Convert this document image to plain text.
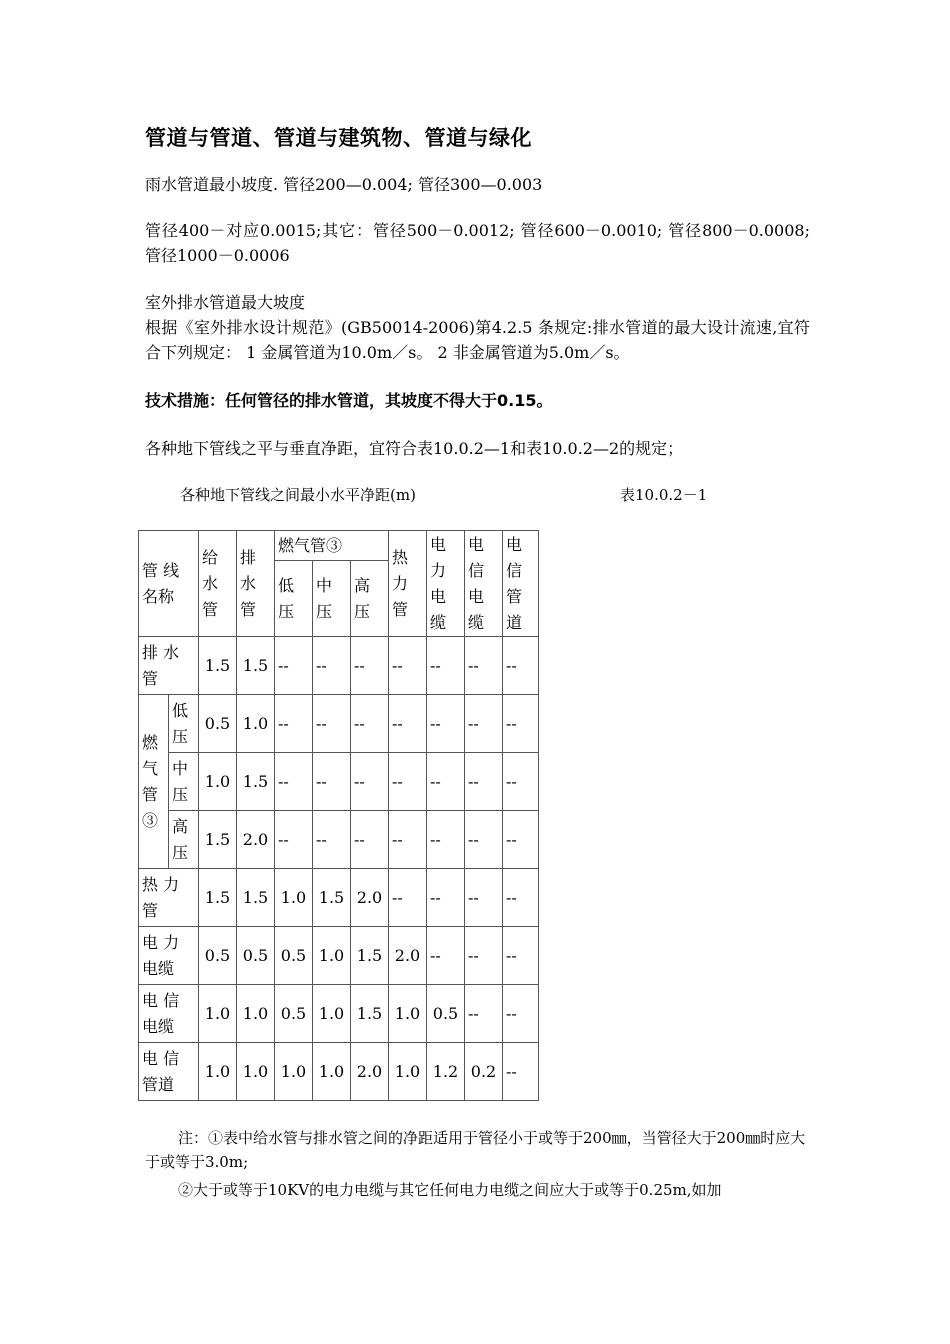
管道与管道、管道与建筑物、管道与绿化
雨水管道最小坡度. 管径200—0.004; 管径300—0.003
管径400－对应0.0015;其它：管径500－0.0012; 管径600－0.0010; 管径800－0.0008; 管径1000－0.0006
室外排水管道最大坡度
根据《室外排水设计规范》(GB50014-2006)第4.2.5 条规定:排水管道的最大设计流速,宜符合下列规定： 1 金属管道为10.0m／s。 2 非金属管道为5.0m／s。
技术措施：任何管径的排水管道，其坡度不得大于0.15。
各种地下管线之平与垂直净距，宜符合表10.0.2—1和表10.0.2—2的规定；
各种地下管线之间最小水平净距(m)	表10.0.2－1
管 线名称		给水管	排水管	燃气管③			热力管	电力电缆	电信电缆	电信管道
				低压	中压	高压				
排 水管		1.5	1.5	--	--	--	--	--	--	--
燃气管③	低压	0.5	1.0	--	--	--	--	--	--	--
	中压	1.0	1.5	--	--	--	--	--	--	--
	高压	1.5	2.0	--	--	--	--	--	--	--
热 力管		1.5	1.5	1.0	1.5	2.0	--	--	--	--
电 力电缆		0.5	0.5	0.5	1.0	1.5	2.0	--	--	--
电 信电缆		1.0	1.0	0.5	1.0	1.5	1.0	0.5	--	--
电 信管道		1.0	1.0	1.0	1.0	2.0	1.0	1.2	0.2	--
注：①表中给水管与排水管之间的净距适用于管径小于或等于200㎜，当管径大于200㎜时应大于或等于3.0m;
②大于或等于10KV的电力电缆与其它任何电力电缆之间应大于或等于0.25m,如加
